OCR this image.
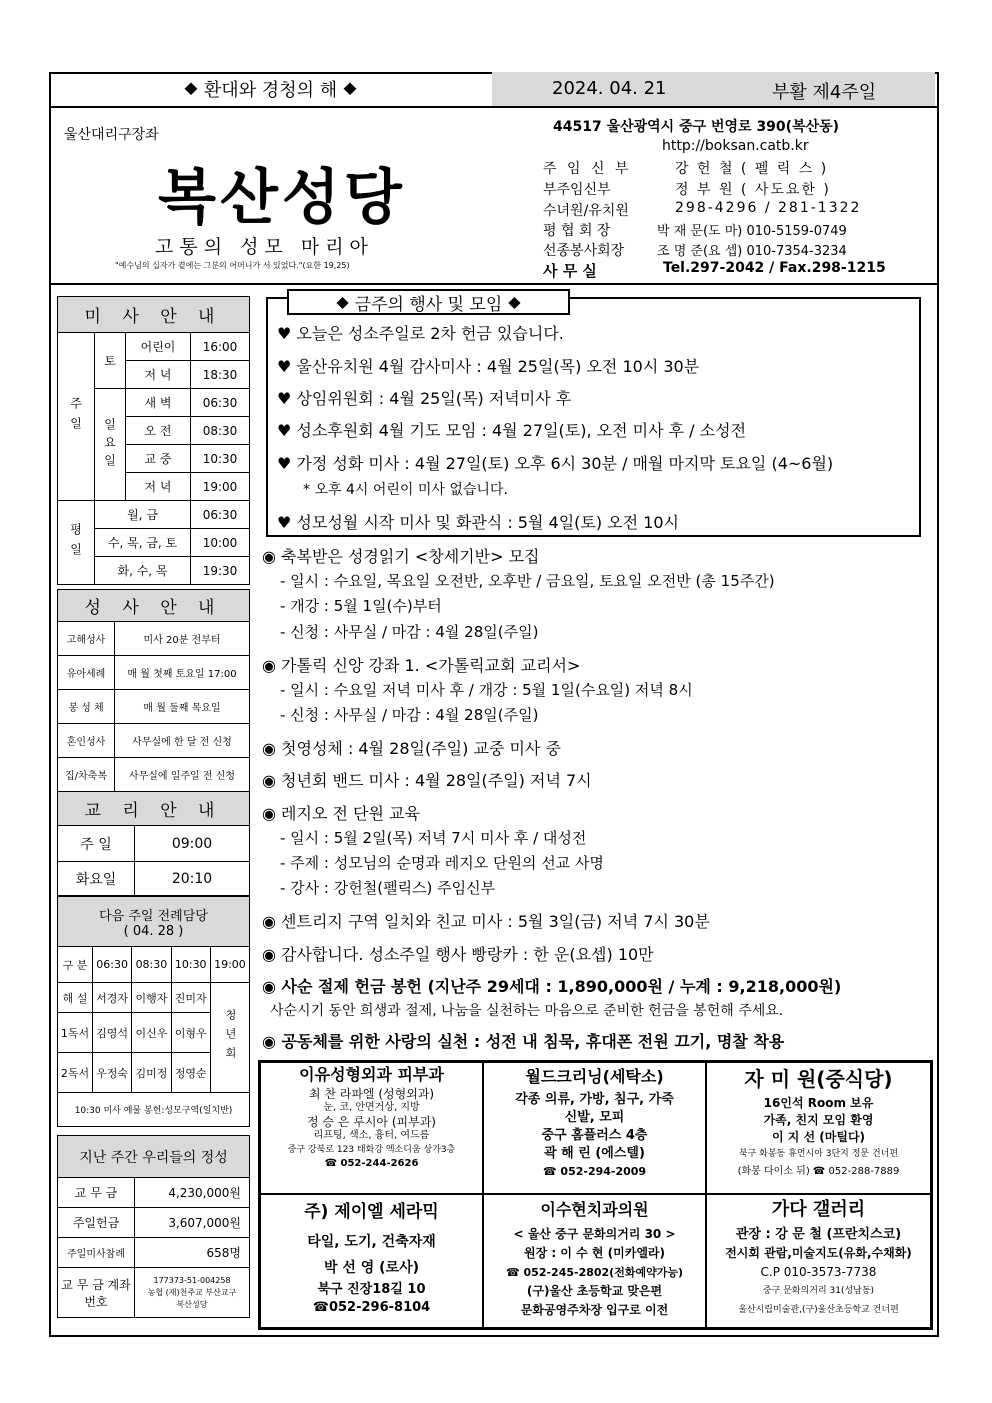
⯁ 환대와 경청의 해 ⯁	2024. 04. 21	부활 제4주일
울산대리구장좌
복산성당
고통의 성모 마리아
"예수님의 십자가 곁에는 그분의 어머니가 서 있었다."(요한 19,25)
44517 울산광역시 중구 번영로 390(복산동)
http://boksan.catb.kr
주 임 신 부	강 헌 철 ( 펠 릭 스 )
부주임신부	정 부 원 ( 사도요한 )
수녀원/유치원	298-4296 / 281-1322
평 협 회 장	박 재 문(도 마) 010-5159-0749
선종봉사회장	조 명 준(요 셉) 010-7354-3234
사 무 실	Tel.297-2042 / Fax.298-1215
미 사 안 내			
주일	토	어린이	16:00
		저 녁	18:30
	일요일	새 벽	06:30
		오 전	08:30
		교 중	10:30
		저 녁	19:00
평일	월, 금		06:30
	수, 목, 금, 토		10:00
	화, 수, 목		19:30
성 사 안 내	
고해성사	미사 20분 전부터
유아세례	매 월 첫째 토요일 17:00
봉 성 체	매 월 둘째 목요일
혼인성사	사무실에 한 달 전 신청
집/차축복	사무실에 일주일 전 신청
교 리 안 내	
주 일	09:00
화요일	20:10
다음 주일 전례담당
( 04. 28 )				

구 분	06:30	08:30	10:30	19:00
해 설	서경자	이행자	진미자	청년회
1독서	김영석	이신우	이형우	
2독서	우정숙	김미정	정영순	
10:30 미사 예물 봉헌:성모구역(일치반)				
지난 주간 우리들의 정성	
교 무 금	4,230,000원
주일헌금	3,607,000원
주일미사참례	658명
교 무 금 계좌번호	177373-51-004258
농협 (재)천주교 부산교구
복산성당
⯁ 금주의 행사 및 모임 ⯁
♥ 오늘은 성소주일로 2차 헌금 있습니다.
♥ 울산유치원 4월 감사미사 : 4월 25일(목) 오전 10시 30분
♥ 상임위원회 : 4월 25일(목) 저녁미사 후
♥ 성소후원회 4월 기도 모임 : 4월 27일(토), 오전 미사 후 / 소성전
♥ 가정 성화 미사 : 4월 27일(토) 오후 6시 30분 / 매월 마지막 토요일 (4~6월)
* 오후 4시 어린이 미사 없습니다.
♥ 성모성월 시작 미사 및 화관식 : 5월 4일(토) 오전 10시
◉ 축복받은 성경읽기 <창세기반> 모집
- 일시 : 수요일, 목요일 오전반, 오후반 / 금요일, 토요일 오전반 (총 15주간)
- 개강 : 5월 1일(수)부터
- 신청 : 사무실 / 마감 : 4월 28일(주일)
◉ 가톨릭 신앙 강좌 1. <가톨릭교회 교리서>
- 일시 : 수요일 저녁 미사 후 / 개강 : 5월 1일(수요일) 저녁 8시
- 신청 : 사무실 / 마감 : 4월 28일(주일)
◉ 첫영성체 : 4월 28일(주일) 교중 미사 중
◉ 청년회 밴드 미사 : 4월 28일(주일) 저녁 7시
◉ 레지오 전 단원 교육
- 일시 : 5월 2일(목) 저녁 7시 미사 후 / 대성전
- 주제 : 성모님의 순명과 레지오 단원의 선교 사명
- 강사 : 강헌철(펠릭스) 주임신부
◉ 센트리지 구역 일치와 친교 미사 : 5월 3일(금) 저녁 7시 30분
◉ 감사합니다. 성소주일 행사 빵랑카 : 한 운(요셉) 10만
◉ 사순 절제 헌금 봉헌 (지난주 29세대 : 1,890,000원 / 누계 : 9,218,000원)
사순시기 동안 희생과 절제, 나눔을 실천하는 마음으로 준비한 헌금을 봉헌해 주세요.
◉ 공동체를 위한 사랑의 실천 : 성전 내 침묵, 휴대폰 전원 끄기, 명찰 착용
이유성형외과 피부과
최 찬 라파엘 (성형외과)
눈, 코, 안면거상, 지방
정 승 은 루시아 (피부과)
리프팅, 색소, 흉터, 여드름
중구 강북로 123 태화강 엑소디움 상가3층
☎ 052-244-2626
월드크리닝(세탁소)
각종 의류, 가방, 침구, 가죽
신발, 모피
중구 홈플러스 4층
곽 해 린 (에스텔)
☎ 052-294-2009
자 미 원(중식당)
16인석 Room 보유
가족, 친지 모임 환영
이 지 선 (마틸다)
북구 화봉동 휴먼시아 3단지 정문 건너편
(화봉 다이소 뒤) ☎ 052-288-7889
주) 제이엘 세라믹
타일, 도기, 건축자재
박 선 영 (로사)
북구 진장18길 10
☎052-296-8104
이수현치과의원
< 울산 중구 문화의거리 30 >
원장 : 이 수 현 (미카엘라)
☎ 052-245-2802(전화예약가능)
(구)울산 초등학교 맞은편
문화공영주차장 입구로 이전
가다 갤러리
관장 : 강 문 철 (프란치스코)
전시회 관람,미술지도(유화,수채화)
C.P 010-3573-7738
중구 문화의거리 31(성남동)
울산시립미술관,(구)울산초등학교 건너편
